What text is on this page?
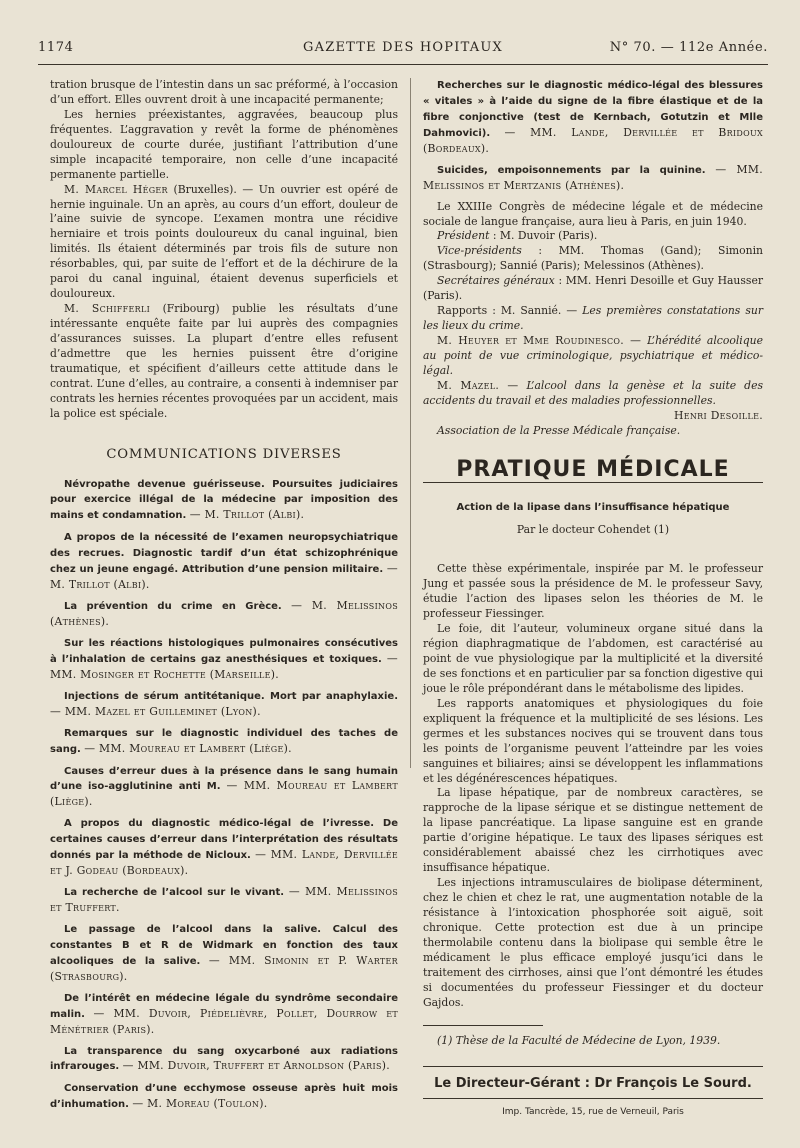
1174	GAZETTE DES HOPITAUX	N° 70. — 112e Année.

tration brusque de l’intestin dans un sac préformé, à l’occasion d’un effort. Elles ouvrent droit à une incapacité permanente;

Les hernies préexistantes, aggravées, beaucoup plus fréquentes. L’aggravation y revêt la forme de phénomènes douloureux de courte durée, justifiant l’attribution d’une simple incapacité temporaire, non celle d’une incapacité permanente partielle.

M. Marcel Héger (Bruxelles). — Un ouvrier est opéré de hernie inguinale. Un an après, au cours d’un effort, douleur de l’aine suivie de syncope. L’examen montra une récidive herniaire et trois points douloureux du canal inguinal, bien limités. Ils étaient déterminés par trois fils de suture non résorbables, qui, par suite de l’effort et de la déchirure de la paroi du canal inguinal, étaient devenus superficiels et douloureux.

M. Schifferli (Fribourg) publie les résultats d’une intéressante enquête faite par lui auprès des compagnies d’assurances suisses. La plupart d’entre elles refusent d’admettre que les hernies puissent être d’origine traumatique, et spécifient d’ailleurs cette attitude dans le contrat. L’une d’elles, au contraire, a consenti à indemniser par contrats les hernies récentes provoquées par un accident, mais la police est spéciale.

COMMUNICATIONS DIVERSES

Névropathe devenue guérisseuse. Poursuites judiciaires pour exercice illégal de la médecine par imposition des mains et condamnation. — M. Trillot (Albi).

A propos de la nécessité de l’examen neuropsychiatrique des recrues. Diagnostic tardif d’un état schizophrénique chez un jeune engagé. Attribution d’une pension militaire. — M. Trillot (Albi).

La prévention du crime en Grèce. — M. Melissinos (Athènes).

Sur les réactions histologiques pulmonaires consécutives à l’inhalation de certains gaz anesthésiques et toxiques. — MM. Mosinger et Rochette (Marseille).

Injections de sérum antitétanique. Mort par anaphylaxie. — MM. Mazel et Guilleminet (Lyon).

Remarques sur le diagnostic individuel des taches de sang. — MM. Moureau et Lambert (Liège).

Causes d’erreur dues à la présence dans le sang humain d’une iso-agglutinine anti M. — MM. Moureau et Lambert (Liège).

A propos du diagnostic médico-légal de l’ivresse. De certaines causes d’erreur dans l’interprétation des résultats donnés par la méthode de Nicloux. — MM. Lande, Dervillée et J. Godeau (Bordeaux).

La recherche de l’alcool sur le vivant. — MM. Melissinos et Truffert.

Le passage de l’alcool dans la salive. Calcul des constantes B et R de Widmark en fonction des taux alcooliques de la salive. — MM. Simonin et P. Warter (Strasbourg).

De l’intérêt en médecine légale du syndrôme secondaire malin. — MM. Duvoir, Piédelièvre, Pollet, Dourrow et Ménétrier (Paris).

La transparence du sang oxycarboné aux radiations infrarouges. — MM. Duvoir, Truffert et Arnoldson (Paris).

Conservation d’une ecchymose osseuse après huit mois d’inhumation. — M. Moreau (Toulon).

Recherches sur le diagnostic médico-légal des blessures « vitales » à l’aide du signe de la fibre élastique et de la fibre conjonctive (test de Kernbach, Gotutzin et Mlle Dahmovici). — MM. Lande, Dervillée et Bridoux (Bordeaux).

Suicides, empoisonnements par la quinine. — MM. Melissinos et Mertzanis (Athènes).

Le XXIIIe Congrès de médecine légale et de médecine sociale de langue française, aura lieu à Paris, en juin 1940.

Président : M. Duvoir (Paris).

Vice-présidents : MM. Thomas (Gand); Simonin (Strasbourg); Sannié (Paris); Melessinos (Athènes).

Secrétaires généraux : MM. Henri Desoille et Guy Hausser (Paris).

Rapports : M. Sannié. — Les premières constatations sur les lieux du crime.

M. Heuyer et Mme Roudinesco. — L’hérédité alcoolique au point de vue criminologique, psychiatrique et médico-légal.

M. Mazel. — L’alcool dans la genèse et la suite des accidents du travail et des maladies professionnelles.

Henri Desoille.

Association de la Presse Médicale française.

PRATIQUE MÉDICALE
Action de la lipase dans l’insuffisance hépatique
Par le docteur Cohendet (1)

Cette thèse expérimentale, inspirée par M. le professeur Jung et passée sous la présidence de M. le professeur Savy, étudie l’action des lipases selon les théories de M. le professeur Fiessinger.

Le foie, dit l’auteur, volumineux organe situé dans la région diaphragmatique de l’abdomen, est caractérisé au point de vue physiologique par la multiplicité et la diversité de ses fonctions et en particulier par sa fonction digestive qui joue le rôle prépondérant dans le métabolisme des lipides.

Les rapports anatomiques et physiologiques du foie expliquent la fréquence et la multiplicité de ses lésions. Les germes et les substances nocives qui se trouvent dans tous les points de l’organisme peuvent l’atteindre par les voies sanguines et biliaires; ainsi se développent les inflammations et les dégénérescences hépatiques.

La lipase hépatique, par de nombreux caractères, se rapproche de la lipase sérique et se distingue nettement de la lipase pancréatique. La lipase sanguine est en grande partie d’origine hépatique. Le taux des lipases sériques est considérablement abaissé chez les cirrhotiques avec insuffisance hépatique.

Les injections intramusculaires de biolipase déterminent, chez le chien et chez le rat, une augmentation notable de la résistance à l’intoxication phosphorée soit aiguë, soit chronique. Cette protection est due à un principe thermolabile contenu dans la biolipase qui semble être le médicament le plus efficace employé jusqu’ici dans le traitement des cirrhoses, ainsi que l’ont démontré les études si documentées du professeur Fiessinger et du docteur Gajdos.

(1) Thèse de la Faculté de Médecine de Lyon, 1939.

Le Directeur-Gérant : Dr François Le Sourd.
Imp. Tancrède, 15, rue de Verneuil, Paris
